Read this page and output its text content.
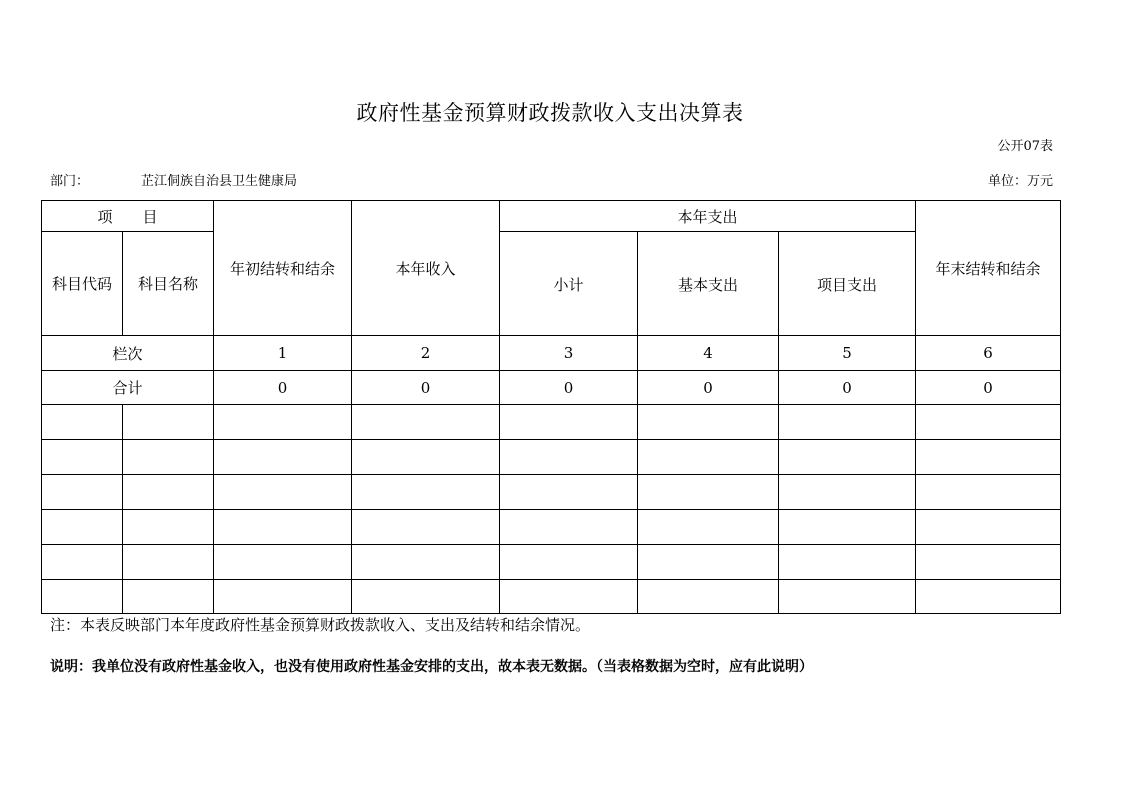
政府性基金预算财政拨款收入支出决算表
公开07表
部门：	芷江侗族自治县卫生健康局	单位：万元
项　　目		年初结转和结余	本年收入	本年支出			年末结转和结余
科目代码	科目名称			小计	基本支出	项目支出	
栏次		1	2	3	4	5	6
合计		0	0	0	0	0	0

注：本表反映部门本年度政府性基金预算财政拨款收入、支出及结转和结余情况。
说明：我单位没有政府性基金收入，也没有使用政府性基金安排的支出，故本表无数据。（当表格数据为空时，应有此说明）
